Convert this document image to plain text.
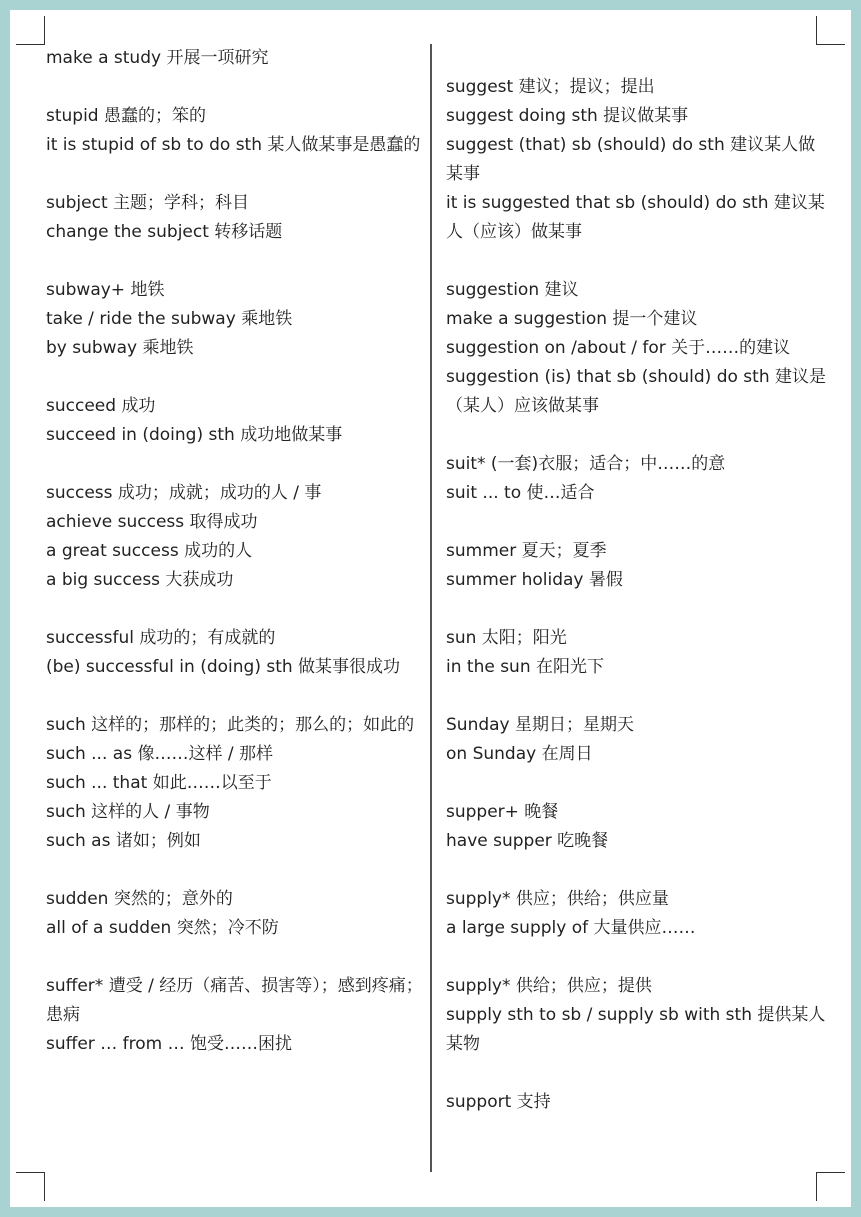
make a study 开展一项研究
stupid 愚蠢的；笨的
it is stupid of sb to do sth 某人做某事是愚蠢的
subject 主题；学科；科目
change the subject 转移话题
subway+ 地铁
take / ride the subway 乘地铁
by subway 乘地铁
succeed 成功
succeed in (doing) sth 成功地做某事
success 成功；成就；成功的人 / 事
achieve success 取得成功
a great success 成功的人
a big success 大获成功
successful 成功的；有成就的
(be) successful in (doing) sth 做某事很成功
such 这样的；那样的；此类的；那么的；如此的
such ... as 像……这样 / 那样
such ... that 如此……以至于
such 这样的人 / 事物
such as 诸如；例如
sudden 突然的；意外的
all of a sudden 突然；冷不防
suffer* 遭受 / 经历（痛苦、损害等）；感到疼痛；患病
suffer … from … 饱受……困扰
suggest 建议；提议；提出
suggest doing sth 提议做某事
suggest (that) sb (should) do sth 建议某人做某事
it is suggested that sb (should) do sth 建议某人（应该）做某事
suggestion 建议
make a suggestion 提一个建议
suggestion on /about / for 关于……的建议
suggestion (is) that sb (should) do sth 建议是（某人）应该做某事
suit* (一套)衣服；适合；中……的意
suit ... to 使…适合
summer 夏天；夏季
summer holiday 暑假
sun 太阳；阳光
in the sun 在阳光下
Sunday 星期日；星期天
on Sunday 在周日
supper+ 晚餐
have supper 吃晚餐
supply* 供应；供给；供应量
a large supply of 大量供应……
supply* 供给；供应；提供
supply sth to sb / supply sb with sth 提供某人某物
support 支持
